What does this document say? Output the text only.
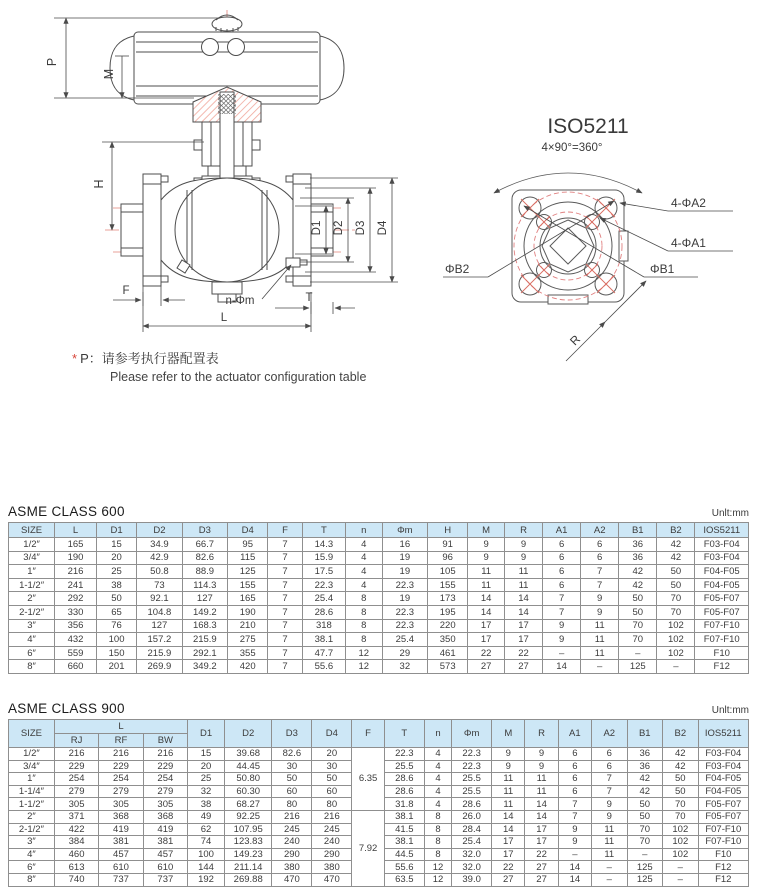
P
M
H
D1 D2 D3 D4
F
n-Φm	T
L
* P：请参考执行器配置表
Please refer to the actuator configuration table
ISO5211
4×90°=360°
4-ΦA2
4-ΦA1
ΦB2	ΦB1
R
ASME CLASS 600	Unlt:mm
SIZE	L	D1	D2	D3	D4	F	T	n	Φm	H	M	R	A1	A2	B1	B2	IOS5211
1/2″	165	15	34.9	66.7	95	7	14.3	4	16	91	9	9	6	6	36	42	F03-F04
3/4″	190	20	42.9	82.6	115	7	15.9	4	19	96	9	9	6	6	36	42	F03-F04
1″	216	25	50.8	88.9	125	7	17.5	4	19	105	11	11	6	7	42	50	F04-F05
1-1/2″	241	38	73	114.3	155	7	22.3	4	22.3	155	11	11	6	7	42	50	F04-F05
2″	292	50	92.1	127	165	7	25.4	8	19	173	14	14	7	9	50	70	F05-F07
2-1/2″	330	65	104.8	149.2	190	7	28.6	8	22.3	195	14	14	7	9	50	70	F05-F07
3″	356	76	127	168.3	210	7	318	8	22.3	220	17	17	9	11	70	102	F07-F10
4″	432	100	157.2	215.9	275	7	38.1	8	25.4	350	17	17	9	11	70	102	F07-F10
6″	559	150	215.9	292.1	355	7	47.7	12	29	461	22	22	–	11	–	102	F10
8″	660	201	269.9	349.2	420	7	55.6	12	32	573	27	27	14	–	125	–	F12
ASME CLASS 900	Unlt:mm
SIZE	L			D1	D2	D3	D4	F	T	n	Φm	M	R	A1	A2	B1	B2	IOS5211
	RJ	RF	BW															
1/2″	216	216	216	15	39.68	82.6	20	6.35	22.3	4	22.3	9	9	6	6	36	42	F03-F04
3/4″	229	229	229	20	44.45	30	30		25.5	4	22.3	9	9	6	6	36	42	F03-F04
1″	254	254	254	25	50.80	50	50		28.6	4	25.5	11	11	6	7	42	50	F04-F05
1-1/4″	279	279	279	32	60.30	60	60		28.6	4	25.5	11	11	6	7	42	50	F04-F05
1-1/2″	305	305	305	38	68.27	80	80		31.8	4	28.6	11	14	7	9	50	70	F05-F07
2″	371	368	368	49	92.25	216	216	7.92	38.1	8	26.0	14	14	7	9	50	70	F05-F07
2-1/2″	422	419	419	62	107.95	245	245		41.5	8	28.4	14	17	9	11	70	102	F07-F10
3″	384	381	381	74	123.83	240	240		38.1	8	25.4	17	17	9	11	70	102	F07-F10
4″	460	457	457	100	149.23	290	290		44.5	8	32.0	17	22	–	11	–	102	F10
6″	613	610	610	144	211.14	380	380		55.6	12	32.0	22	27	14	–	125	–	F12
8″	740	737	737	192	269.88	470	470		63.5	12	39.0	27	27	14	–	125	–	F12
